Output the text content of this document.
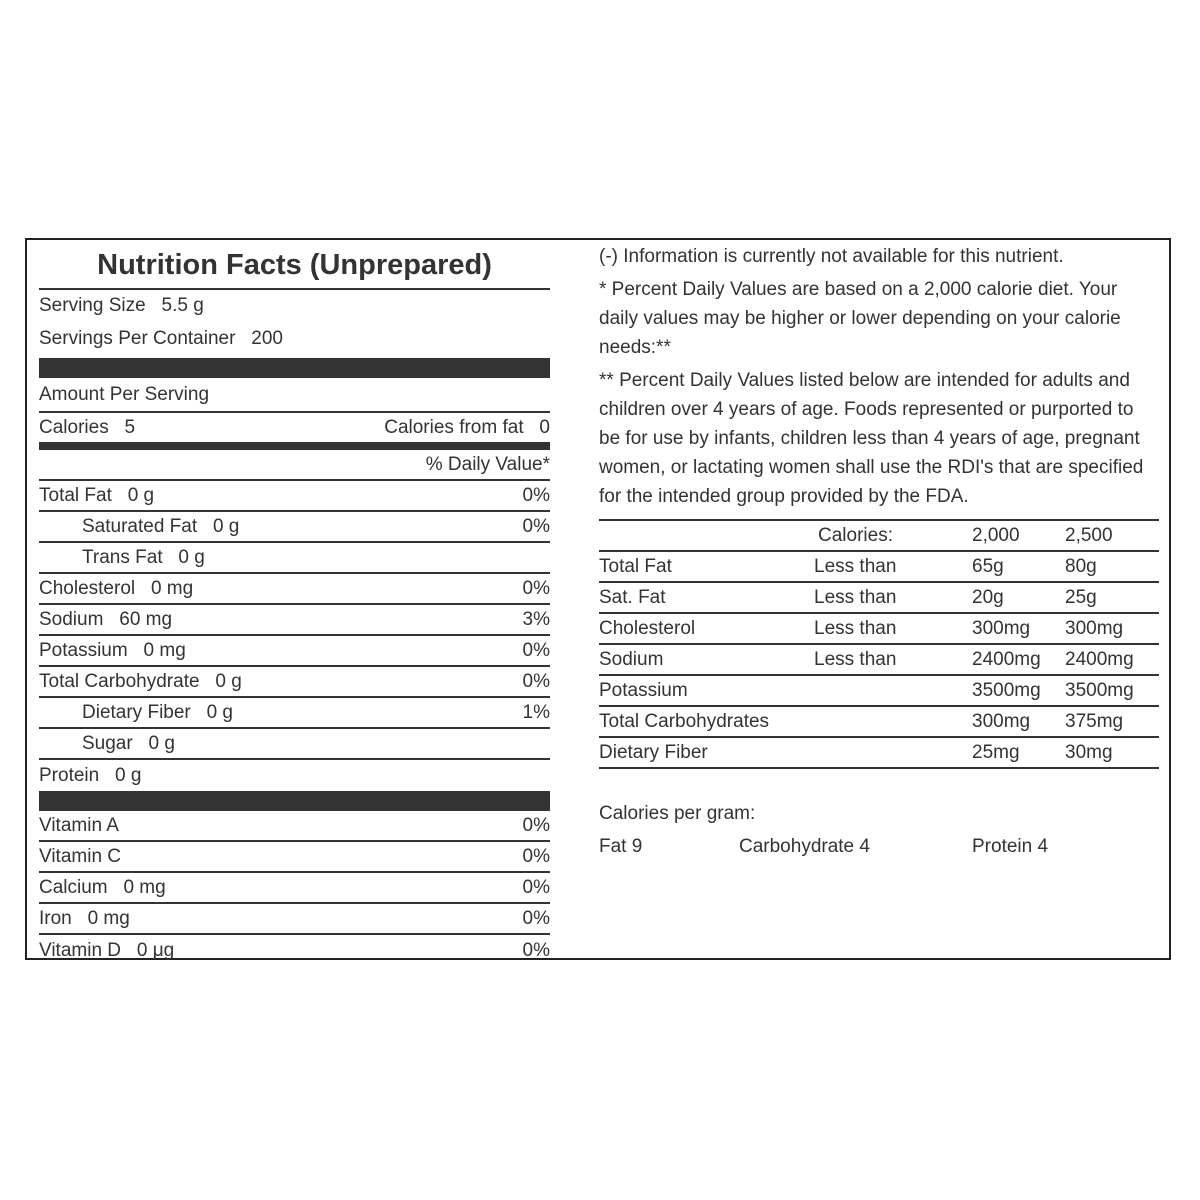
Nutrition Facts (Unprepared)
Serving Size   5.5 g
Servings Per Container   200
Amount Per Serving
Calories   5	Calories from fat   0
% Daily Value*
Total Fat   0 g	0%
Saturated Fat   0 g	0%
Trans Fat   0 g
Cholesterol   0 mg	0%
Sodium   60 mg	3%
Potassium   0 mg	0%
Total Carbohydrate   0 g	0%
Dietary Fiber   0 g	1%
Sugar   0 g
Protein   0 g
Vitamin A	0%
Vitamin C	0%
Calcium   0 mg	0%
Iron   0 mg	0%
Vitamin D   0 μg	0%

(-) Information is currently not available for this nutrient.

* Percent Daily Values are based on a 2,000 calorie diet. Your daily values may be higher or lower depending on your calorie needs:**

** Percent Daily Values listed below are intended for adults and children over 4 years of age. Foods represented or purported to be for use by infants, children less than 4 years of age, pregnant women, or lactating women shall use the RDI's that are specified for the intended group provided by the FDA.

	Calories:	2,000	2,500
Total Fat	Less than	65g	80g
Sat. Fat	Less than	20g	25g
Cholesterol	Less than	300mg	300mg
Sodium	Less than	2400mg	2400mg
Potassium		3500mg	3500mg
Total Carbohydrates		300mg	375mg
Dietary Fiber		25mg	30mg

Calories per gram:

Fat 9	Carbohydrate 4	Protein 4
